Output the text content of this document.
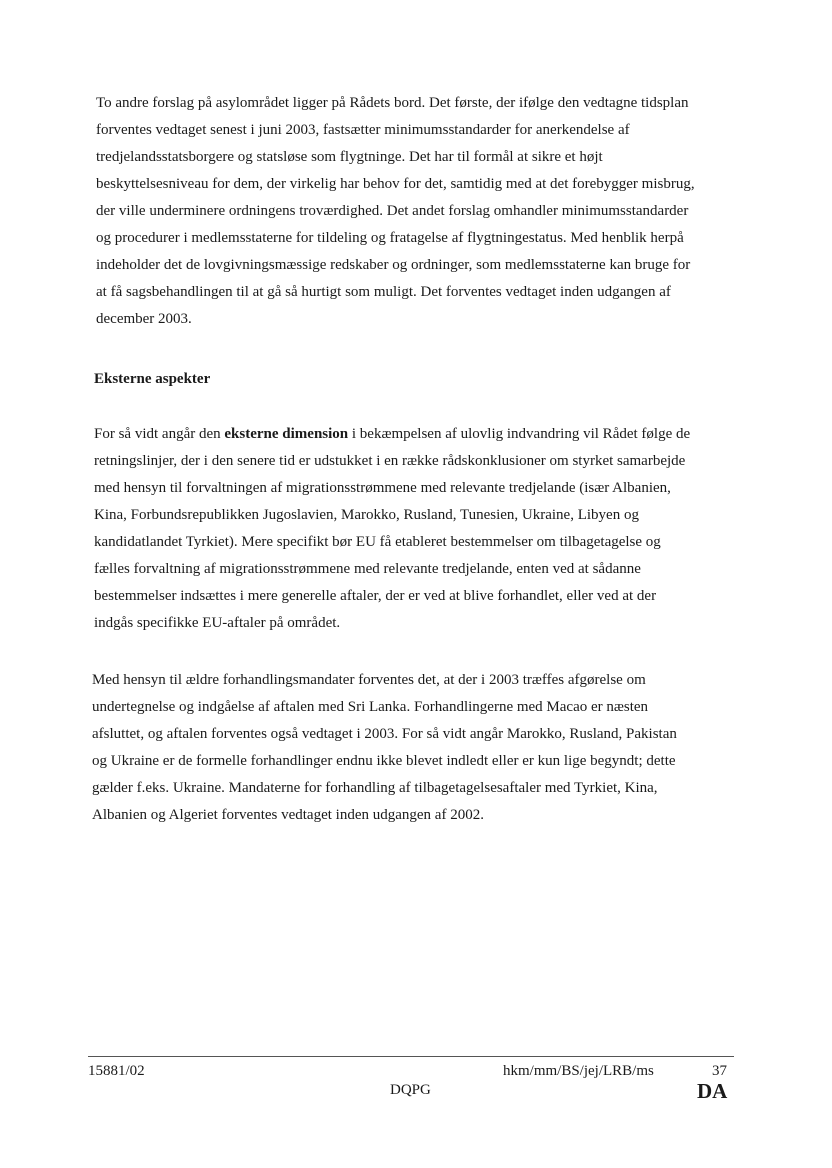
To andre forslag på asylområdet ligger på Rådets bord. Det første, der ifølge den vedtagne tidsplan
forventes vedtaget senest i juni 2003, fastsætter minimumsstandarder for anerkendelse af
tredjelandsstatsborgere og statsløse som flygtninge. Det har til formål at sikre et højt
beskyttelsesniveau for dem, der virkelig har behov for det, samtidig med at det forebygger misbrug,
der ville underminere ordningens troværdighed. Det andet forslag omhandler minimumsstandarder
og procedurer i medlemsstaterne for tildeling og fratagelse af flygtningestatus. Med henblik herpå
indeholder det de lovgivningsmæssige redskaber og ordninger, som medlemsstaterne kan bruge for
at få sagsbehandlingen til at gå så hurtigt som muligt. Det forventes vedtaget inden udgangen af
december 2003.
Eksterne aspekter
For så vidt angår den eksterne dimension i bekæmpelsen af ulovlig indvandring vil Rådet følge de
retningslinjer, der i den senere tid er udstukket i en række rådskonklusioner om styrket samarbejde
med hensyn til forvaltningen af migrationsstrømmene med relevante tredjelande (især Albanien,
Kina, Forbundsrepublikken Jugoslavien, Marokko, Rusland, Tunesien, Ukraine, Libyen og
kandidatlandet Tyrkiet). Mere specifikt bør EU få etableret bestemmelser om tilbagetagelse og
fælles forvaltning af migrationsstrømmene med relevante tredjelande, enten ved at sådanne
bestemmelser indsættes i mere generelle aftaler, der er ved at blive forhandlet, eller ved at der
indgås specifikke EU-aftaler på området.
Med hensyn til ældre forhandlingsmandater forventes det, at der i 2003 træffes afgørelse om
undertegnelse og indgåelse af aftalen med Sri Lanka. Forhandlingerne med Macao er næsten
afsluttet, og aftalen forventes også vedtaget i 2003. For så vidt angår Marokko, Rusland, Pakistan
og Ukraine er de formelle forhandlinger endnu ikke blevet indledt eller er kun lige begyndt; dette
gælder f.eks. Ukraine. Mandaterne for forhandling af tilbagetagelsesaftaler med Tyrkiet, Kina,
Albanien og Algeriet forventes vedtaget inden udgangen af 2002.
15881/02	hkm/mm/BS/jej/LRB/ms	37
DQPG	DA
